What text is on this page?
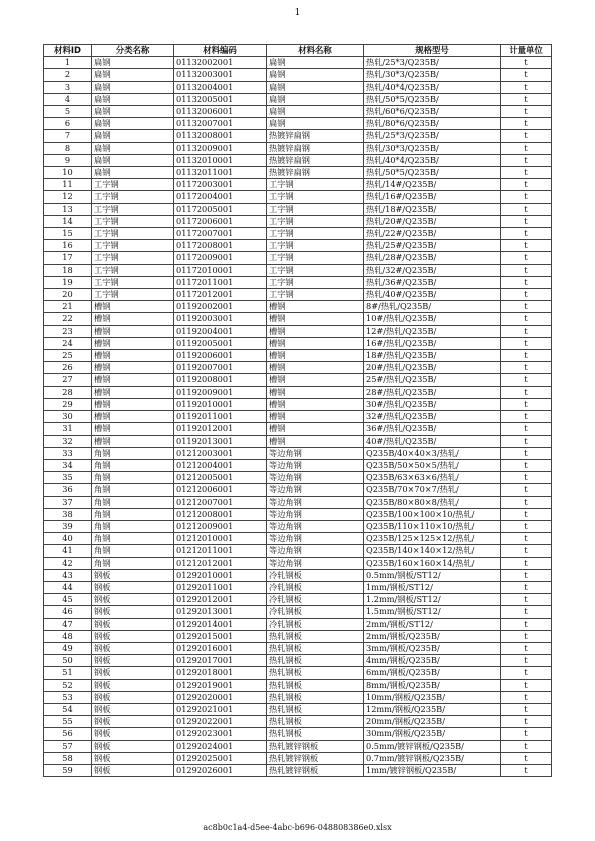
1
材料ID	分类名称	材料编码	材料名称	规格型号	计量单位
1	扁钢	01132002001	扁钢	热轧/25*3/Q235B/	t
2	扁钢	01132003001	扁钢	热轧/30*3/Q235B/	t
3	扁钢	01132004001	扁钢	热轧/40*4/Q235B/	t
4	扁钢	01132005001	扁钢	热轧/50*5/Q235B/	t
5	扁钢	01132006001	扁钢	热轧/60*6/Q235B/	t
6	扁钢	01132007001	扁钢	热轧/80*6/Q235B/	t
7	扁钢	01132008001	热镀锌扁钢	热轧/25*3/Q235B/	t
8	扁钢	01132009001	热镀锌扁钢	热轧/30*3/Q235B/	t
9	扁钢	01132010001	热镀锌扁钢	热轧/40*4/Q235B/	t
10	扁钢	01132011001	热镀锌扁钢	热轧/50*5/Q235B/	t
11	工字钢	01172003001	工字钢	热轧/14#/Q235B/	t
12	工字钢	01172004001	工字钢	热轧/16#/Q235B/	t
13	工字钢	01172005001	工字钢	热轧/18#/Q235B/	t
14	工字钢	01172006001	工字钢	热轧/20#/Q235B/	t
15	工字钢	01172007001	工字钢	热轧/22#/Q235B/	t
16	工字钢	01172008001	工字钢	热轧/25#/Q235B/	t
17	工字钢	01172009001	工字钢	热轧/28#/Q235B/	t
18	工字钢	01172010001	工字钢	热轧/32#/Q235B/	t
19	工字钢	01172011001	工字钢	热轧/36#/Q235B/	t
20	工字钢	01172012001	工字钢	热轧/40#/Q235B/	t
21	槽钢	01192002001	槽钢	8#/热轧/Q235B/	t
22	槽钢	01192003001	槽钢	10#/热轧/Q235B/	t
23	槽钢	01192004001	槽钢	12#/热轧/Q235B/	t
24	槽钢	01192005001	槽钢	16#/热轧/Q235B/	t
25	槽钢	01192006001	槽钢	18#/热轧/Q235B/	t
26	槽钢	01192007001	槽钢	20#/热轧/Q235B/	t
27	槽钢	01192008001	槽钢	25#/热轧/Q235B/	t
28	槽钢	01192009001	槽钢	28#/热轧/Q235B/	t
29	槽钢	01192010001	槽钢	30#/热轧/Q235B/	t
30	槽钢	01192011001	槽钢	32#/热轧/Q235B/	t
31	槽钢	01192012001	槽钢	36#/热轧/Q235B/	t
32	槽钢	01192013001	槽钢	40#/热轧/Q235B/	t
33	角钢	01212003001	等边角钢	Q235B/40×40×3/热轧/	t
34	角钢	01212004001	等边角钢	Q235B/50×50×5/热轧/	t
35	角钢	01212005001	等边角钢	Q235B/63×63×6/热轧/	t
36	角钢	01212006001	等边角钢	Q235B/70×70×7/热轧/	t
37	角钢	01212007001	等边角钢	Q235B/80×80×8/热轧/	t
38	角钢	01212008001	等边角钢	Q235B/100×100×10/热轧/	t
39	角钢	01212009001	等边角钢	Q235B/110×110×10/热轧/	t
40	角钢	01212010001	等边角钢	Q235B/125×125×12/热轧/	t
41	角钢	01212011001	等边角钢	Q235B/140×140×12/热轧/	t
42	角钢	01212012001	等边角钢	Q235B/160×160×14/热轧/	t
43	钢板	01292010001	冷轧钢板	0.5mm/钢板/ST12/	t
44	钢板	01292011001	冷轧钢板	1mm/钢板/ST12/	t
45	钢板	01292012001	冷轧钢板	1.2mm/钢板/ST12/	t
46	钢板	01292013001	冷轧钢板	1.5mm/钢板/ST12/	t
47	钢板	01292014001	冷轧钢板	2mm/钢板/ST12/	t
48	钢板	01292015001	热轧钢板	2mm/钢板/Q235B/	t
49	钢板	01292016001	热轧钢板	3mm/钢板/Q235B/	t
50	钢板	01292017001	热轧钢板	4mm/钢板/Q235B/	t
51	钢板	01292018001	热轧钢板	6mm/钢板/Q235B/	t
52	钢板	01292019001	热轧钢板	8mm/钢板/Q235B/	t
53	钢板	01292020001	热轧钢板	10mm/钢板/Q235B/	t
54	钢板	01292021001	热轧钢板	12mm/钢板/Q235B/	t
55	钢板	01292022001	热轧钢板	20mm/钢板/Q235B/	t
56	钢板	01292023001	热轧钢板	30mm/钢板/Q235B/	t
57	钢板	01292024001	热轧镀锌钢板	0.5mm/镀锌钢板/Q235B/	t
58	钢板	01292025001	热轧镀锌钢板	0.7mm/镀锌钢板/Q235B/	t
59	钢板	01292026001	热轧镀锌钢板	1mm/镀锌钢板/Q235B/	t
ac8b0c1a4-d5ee-4abc-b696-048808386e0.xlsx
